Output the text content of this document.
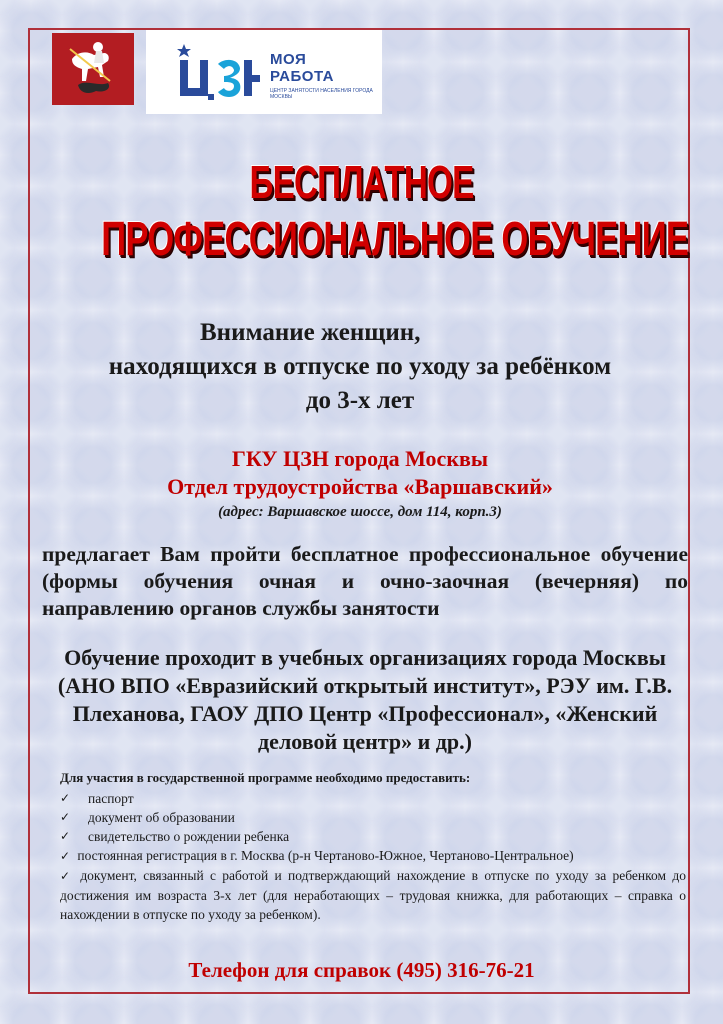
МОЯ
РАБОТА
ЦЕНТР ЗАНЯТОСТИ НАСЕЛЕНИЯ ГОРОДА МОСКВЫ
БЕСПЛАТНОЕ
ПРОФЕССИОНАЛЬНОЕ ОБУЧЕНИЕ
Внимание женщин,
находящихся в отпуске по уходу за ребёнком
до 3-х лет
ГКУ ЦЗН города Москвы
Отдел трудоустройства «Варшавский»
(адрес: Варшавское шоссе, дом 114, корп.3)
предлагает Вам пройти бесплатное профессиональное обучение (формы обучения очная и очно-заочная (вечерняя) по направлению органов службы занятости
Обучение проходит в учебных организациях города Москвы (АНО ВПО «Евразийский открытый институт», РЭУ им. Г.В. Плеханова, ГАОУ ДПО Центр «Профессионал», «Женский деловой центр» и др.)
Для участия в государственной программе необходимо предоставить:
✓	паспорт
✓	документ об образовании
✓	свидетельство о рождении ребенка
✓ постоянная регистрация в г. Москва (р-н Чертаново-Южное, Чертаново-Центральное)
✓ документ, связанный с работой и подтверждающий нахождение в отпуске по уходу за ребенком до достижения им возраста 3-х лет (для неработающих – трудовая книжка, для работающих – справка о нахождении в отпуске по уходу за ребенком).
Телефон для справок (495) 316-76-21
